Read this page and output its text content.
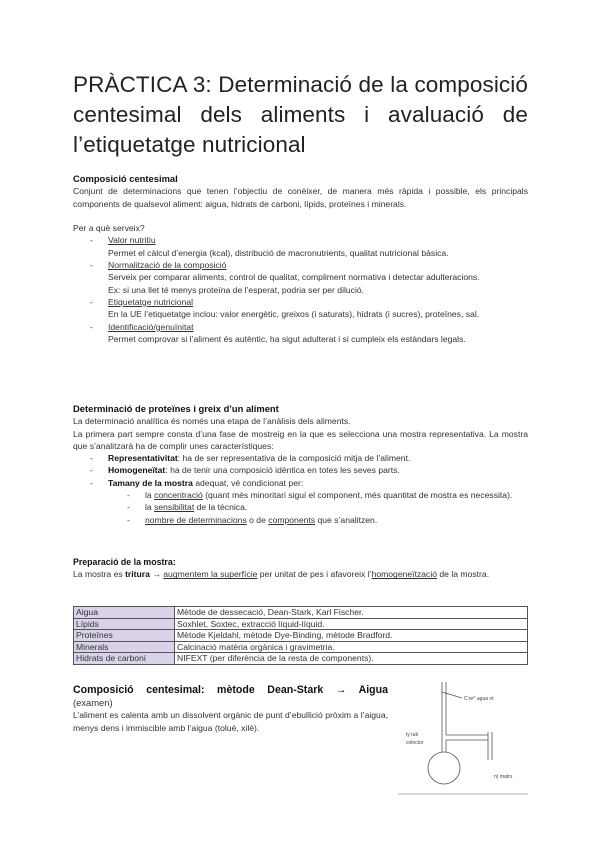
PRÀCTICA 3: Determinació de la composició centesimal dels aliments i avaluació de l’etiquetatge nutricional
Composició centesimal
Conjunt de determinacions que tenen l’objectiu de conèixer, de manera més ràpida i possible, els principals components de qualsevol aliment: aigua, hidrats de carboni, lípids, proteïnes i minerals.
Per a què serveix?
- Valor nutritiu
Permet el càlcul d’energia (kcal), distribució de macronutrients, qualitat nutricional bàsica.
- Normalització de la composició
Serveix per comparar aliments, control de qualitat, compliment normativa i detectar adulteracions.
Ex: si una llet té menys proteïna de l’esperat, podria ser per dilució.
- Etiquetatge nutricional
En la UE l’etiquetatge inclou: valor energètic, greixos (i saturats), hidrats (i sucres), proteïnes, sal.
- Identificació/genuïnitat
Permet comprovar si l’aliment és autèntic, ha sigut adulterat i si cumpleix els estàndars legals.
Determinació de proteïnes i greix d’un aliment
La determinació analítica és només una etapa de l’anàlisis dels aliments.
La primera part sempre consta d’una fase de mostreig en la que es selecciona una mostra representativa. La mostra que s’analitzarà ha de complir unes característiques:
- Representativitat: ha de ser representativa de la composició mitja de l’aliment.
- Homogeneïtat: ha de tenir una composició idèntica en totes les seves parts.
- Tamany de la mostra adequat, vé condicionat per:
- la concentració (quant més minoritari sigui el component, més quantitat de mostra es necessita).
- la sensibilitat de la tècnica.
- nombre de determinacions o de components que s’analitzen.
Preparació de la mostra:
La mostra es tritura → augmentem la superfície per unitat de pes i afavoreix l’homogeneïtzació de la mostra.
Aigua	Mètode de dessecació, Dean-Stark, Karl Fischer.
Lípids	Soxhlet, Soxtec, extracció líquid-líquid.
Proteïnes	Mètode Kjeldahl, mètode Dye-Binding, mètode Bradford.
Minerals	Calcinació matèria orgànica i gravimetria.
Hidrats de carboni	NIFEXT (per diferència de la resta de components).
Composició centesimal: mètode Dean-Stark → Aigua
(examen)
L’aliment es calenta amb un dissolvent orgànic de punt d’ebullició pròxim a l’aigua, menys dens i immiscible amb l’aigua (toluè, xilè).
C’re^ agua nt
ty tub
colector
n) matrs
